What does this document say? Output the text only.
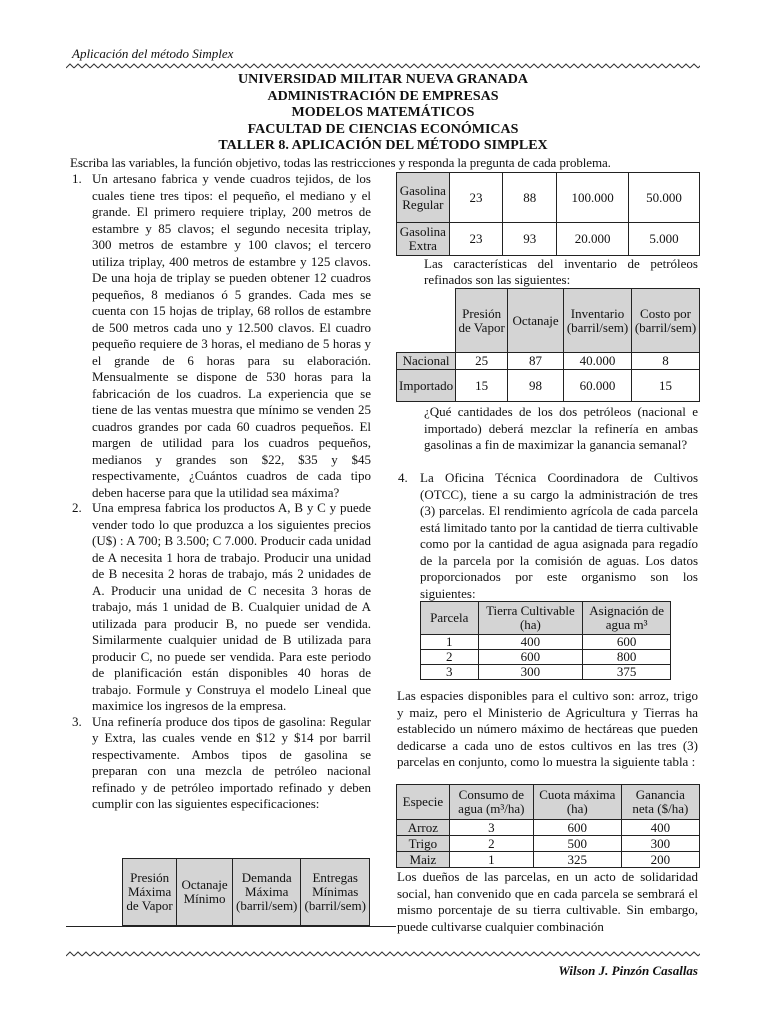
Aplicación del método Simplex
UNIVERSIDAD MILITAR NUEVA GRANADA
ADMINISTRACIÓN DE EMPRESAS
MODELOS MATEMÁTICOS
FACULTAD DE CIENCIAS ECONÓMICAS
TALLER 8. APLICACIÓN DEL MÉTODO SIMPLEX
Escriba las variables, la función objetivo, todas las restricciones y responda la pregunta de cada problema.

1. Un artesano fabrica y vende cuadros tejidos, de los cuales tiene tres tipos: el pequeño, el mediano y el grande. El primero requiere triplay, 200 metros de estambre y 85 clavos; el segundo necesita triplay, 300 metros de estambre y 100 clavos; el tercero utiliza triplay, 400 metros de estambre y 125 clavos. De una hoja de triplay se pueden obtener 12 cuadros pequeños, 8 medianos ó 5 grandes. Cada mes se cuenta con 15 hojas de triplay, 68 rollos de estambre de 500 metros cada uno y 12.500 clavos. El cuadro pequeño requiere de 3 horas, el mediano de 5 horas y el grande de 6 horas para su elaboración. Mensualmente se dispone de 530 horas para la fabricación de los cuadros. La experiencia que se tiene de las ventas muestra que mínimo se venden 25 cuadros grandes por cada 60 cuadros pequeños. El margen de utilidad para los cuadros pequeños, medianos y grandes son $22, $35 y $45 respectivamente, ¿Cuántos cuadros de cada tipo deben hacerse para que la utilidad sea máxima?

2. Una empresa fabrica los productos A, B y C y puede vender todo lo que produzca a los siguientes precios (U$) : A 700; B 3.500; C 7.000. Producir cada unidad de A necesita 1 hora de trabajo. Producir una unidad de B necesita 2 horas de trabajo, más 2 unidades de A. Producir una unidad de C necesita 3 horas de trabajo, más 1 unidad de B. Cualquier unidad de A utilizada para producir B, no puede ser vendida. Similarmente cualquier unidad de B utilizada para producir C, no puede ser vendida. Para este periodo de planificación están disponibles 40 horas de trabajo. Formule y Construya el modelo Lineal que maximice los ingresos de la empresa.

3. Una refinería produce dos tipos de gasolina: Regular y Extra, las cuales vende en $12 y $14 por barril respectivamente. Ambos tipos de gasolina se preparan con una mezcla de petróleo nacional refinado y de petróleo importado refinado y deben cumplir con las siguientes especificaciones:

Presión Máxima de Vapor	Octanaje Mínimo	Demanda Máxima (barril/sem)	Entregas Mínimas (barril/sem)
Gasolina Regular	23	88	100.000	50.000
Gasolina Extra	23	93	20.000	5.000
Las características del inventario de petróleos refinados son las siguientes:
	Presión de Vapor	Octanaje	Inventario (barril/sem)	Costo por (barril/sem)
Nacional	25	87	40.000	8
Importado	15	98	60.000	15
¿Qué cantidades de los dos petróleos (nacional e importado) deberá mezclar la refinería en ambas gasolinas a fin de maximizar la ganancia semanal?
4. La Oficina Técnica Coordinadora de Cultivos (OTCC), tiene a su cargo la administración de tres (3) parcelas. El rendimiento agrícola de cada parcela está limitado tanto por la cantidad de tierra cultivable como por la cantidad de agua asignada para regadío de la parcela por la comisión de aguas. Los datos proporcionados por este organismo son los siguientes:
Parcela	Tierra Cultivable (ha)	Asignación de agua m³
1	400	600
2	600	800
3	300	375
Las espacies disponibles para el cultivo son: arroz, trigo y maiz, pero el Ministerio de Agricultura y Tierras ha establecido un número máximo de hectáreas que pueden dedicarse a cada uno de estos cultivos en las tres (3) parcelas en conjunto, como lo muestra la siguiente tabla :
Especie	Consumo de agua (m³/ha)	Cuota máxima (ha)	Ganancia neta ($/ha)
Arroz	3	600	400
Trigo	2	500	300
Maiz	1	325	200
Los dueños de las parcelas, en un acto de solidaridad social, han convenido que en cada parcela se sembrará el mismo porcentaje de su tierra cultivable. Sin embargo, puede cultivarse cualquier combinación
Wilson J. Pinzón Casallas
